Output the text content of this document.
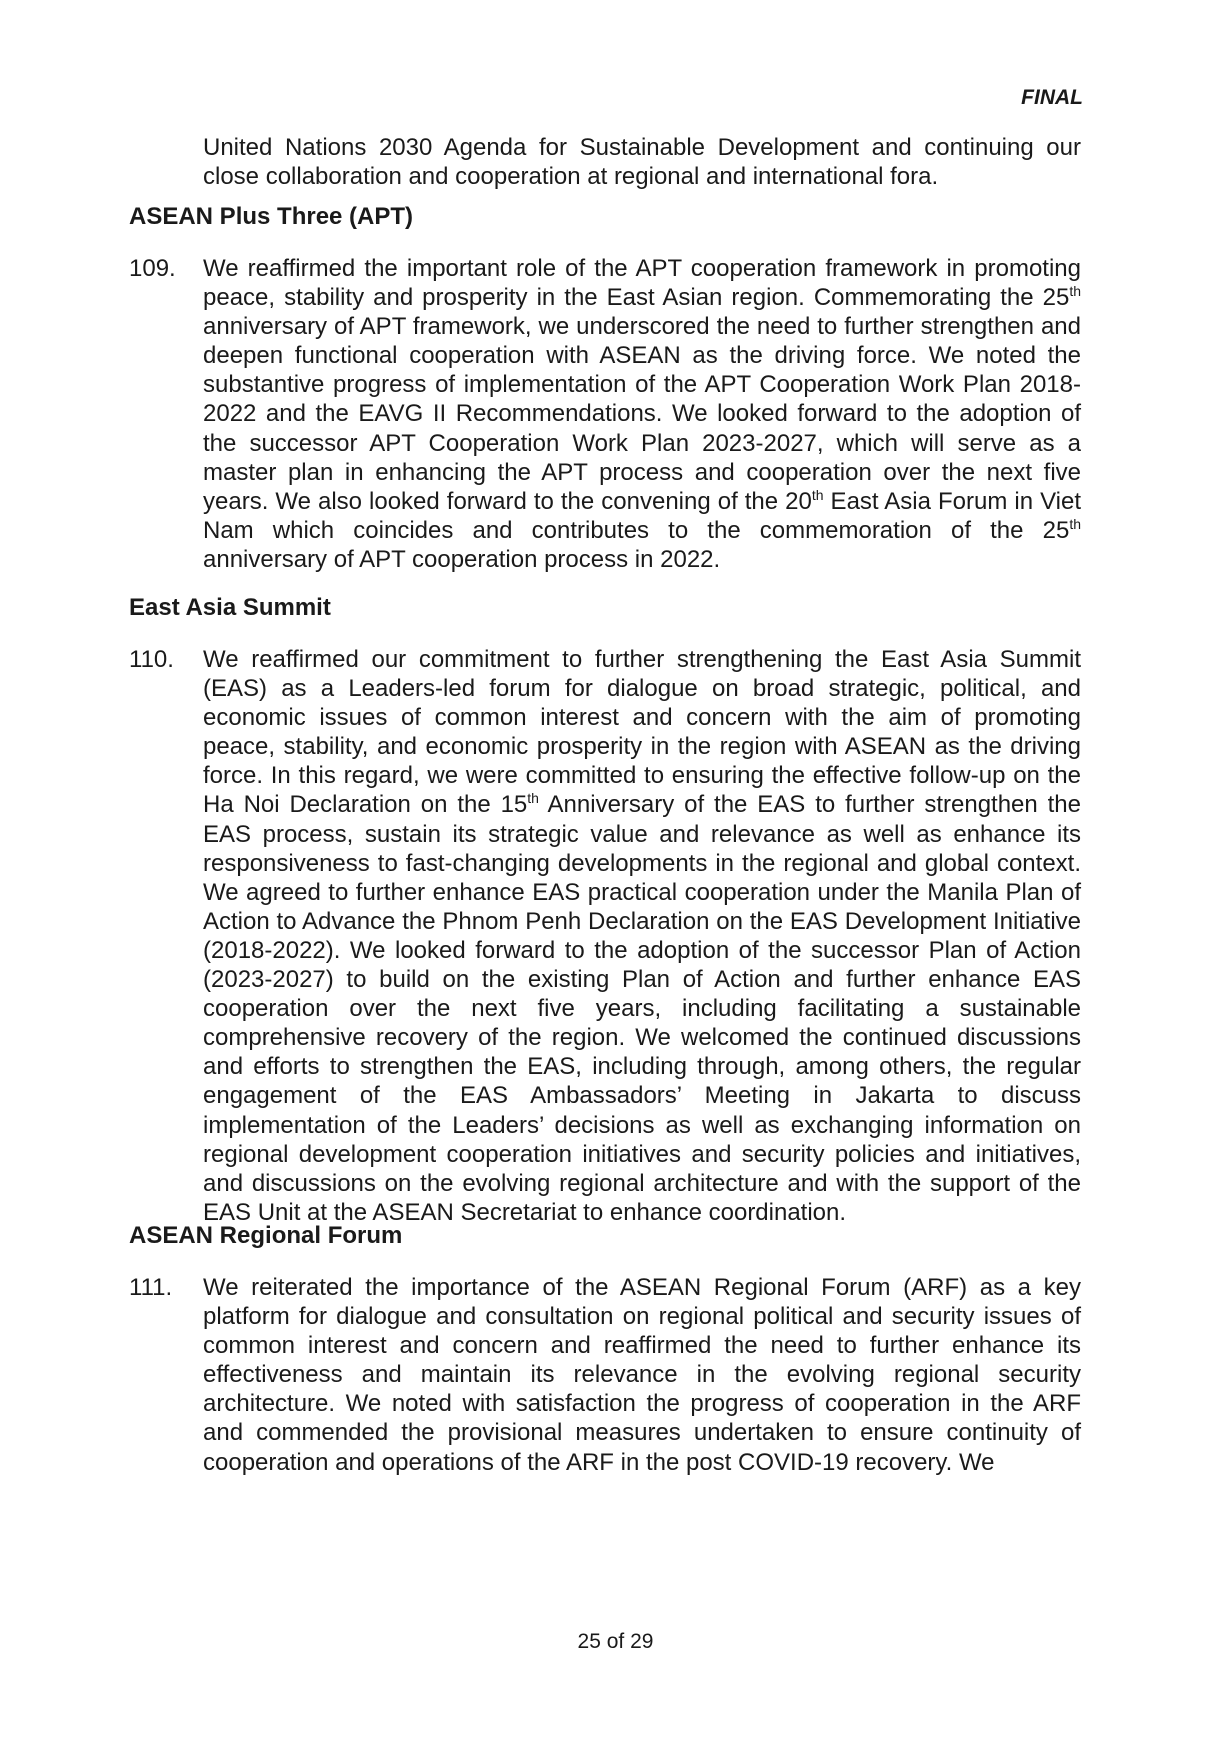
FINAL
United Nations 2030 Agenda for Sustainable Development and continuing our close collaboration and cooperation at regional and international fora.
ASEAN Plus Three (APT)
109. We reaffirmed the important role of the APT cooperation framework in promoting peace, stability and prosperity in the East Asian region. Commemorating the 25th anniversary of APT framework, we underscored the need to further strengthen and deepen functional cooperation with ASEAN as the driving force. We noted the substantive progress of implementation of the APT Cooperation Work Plan 2018-2022 and the EAVG II Recommendations. We looked forward to the adoption of the successor APT Cooperation Work Plan 2023-2027, which will serve as a master plan in enhancing the APT process and cooperation over the next five years. We also looked forward to the convening of the 20th East Asia Forum in Viet Nam which coincides and contributes to the commemoration of the 25th anniversary of APT cooperation process in 2022.
East Asia Summit
110. We reaffirmed our commitment to further strengthening the East Asia Summit (EAS) as a Leaders-led forum for dialogue on broad strategic, political, and economic issues of common interest and concern with the aim of promoting peace, stability, and economic prosperity in the region with ASEAN as the driving force. In this regard, we were committed to ensuring the effective follow-up on the Ha Noi Declaration on the 15th Anniversary of the EAS to further strengthen the EAS process, sustain its strategic value and relevance as well as enhance its responsiveness to fast-changing developments in the regional and global context. We agreed to further enhance EAS practical cooperation under the Manila Plan of Action to Advance the Phnom Penh Declaration on the EAS Development Initiative (2018-2022). We looked forward to the adoption of the successor Plan of Action (2023-2027) to build on the existing Plan of Action and further enhance EAS cooperation over the next five years, including facilitating a sustainable comprehensive recovery of the region. We welcomed the continued discussions and efforts to strengthen the EAS, including through, among others, the regular engagement of the EAS Ambassadors’ Meeting in Jakarta to discuss implementation of the Leaders’ decisions as well as exchanging information on regional development cooperation initiatives and security policies and initiatives, and discussions on the evolving regional architecture and with the support of the EAS Unit at the ASEAN Secretariat to enhance coordination.
ASEAN Regional Forum
111. We reiterated the importance of the ASEAN Regional Forum (ARF) as a key platform for dialogue and consultation on regional political and security issues of common interest and concern and reaffirmed the need to further enhance its effectiveness and maintain its relevance in the evolving regional security architecture. We noted with satisfaction the progress of cooperation in the ARF and commended the provisional measures undertaken to ensure continuity of cooperation and operations of the ARF in the post COVID-19 recovery. We
25 of 29
